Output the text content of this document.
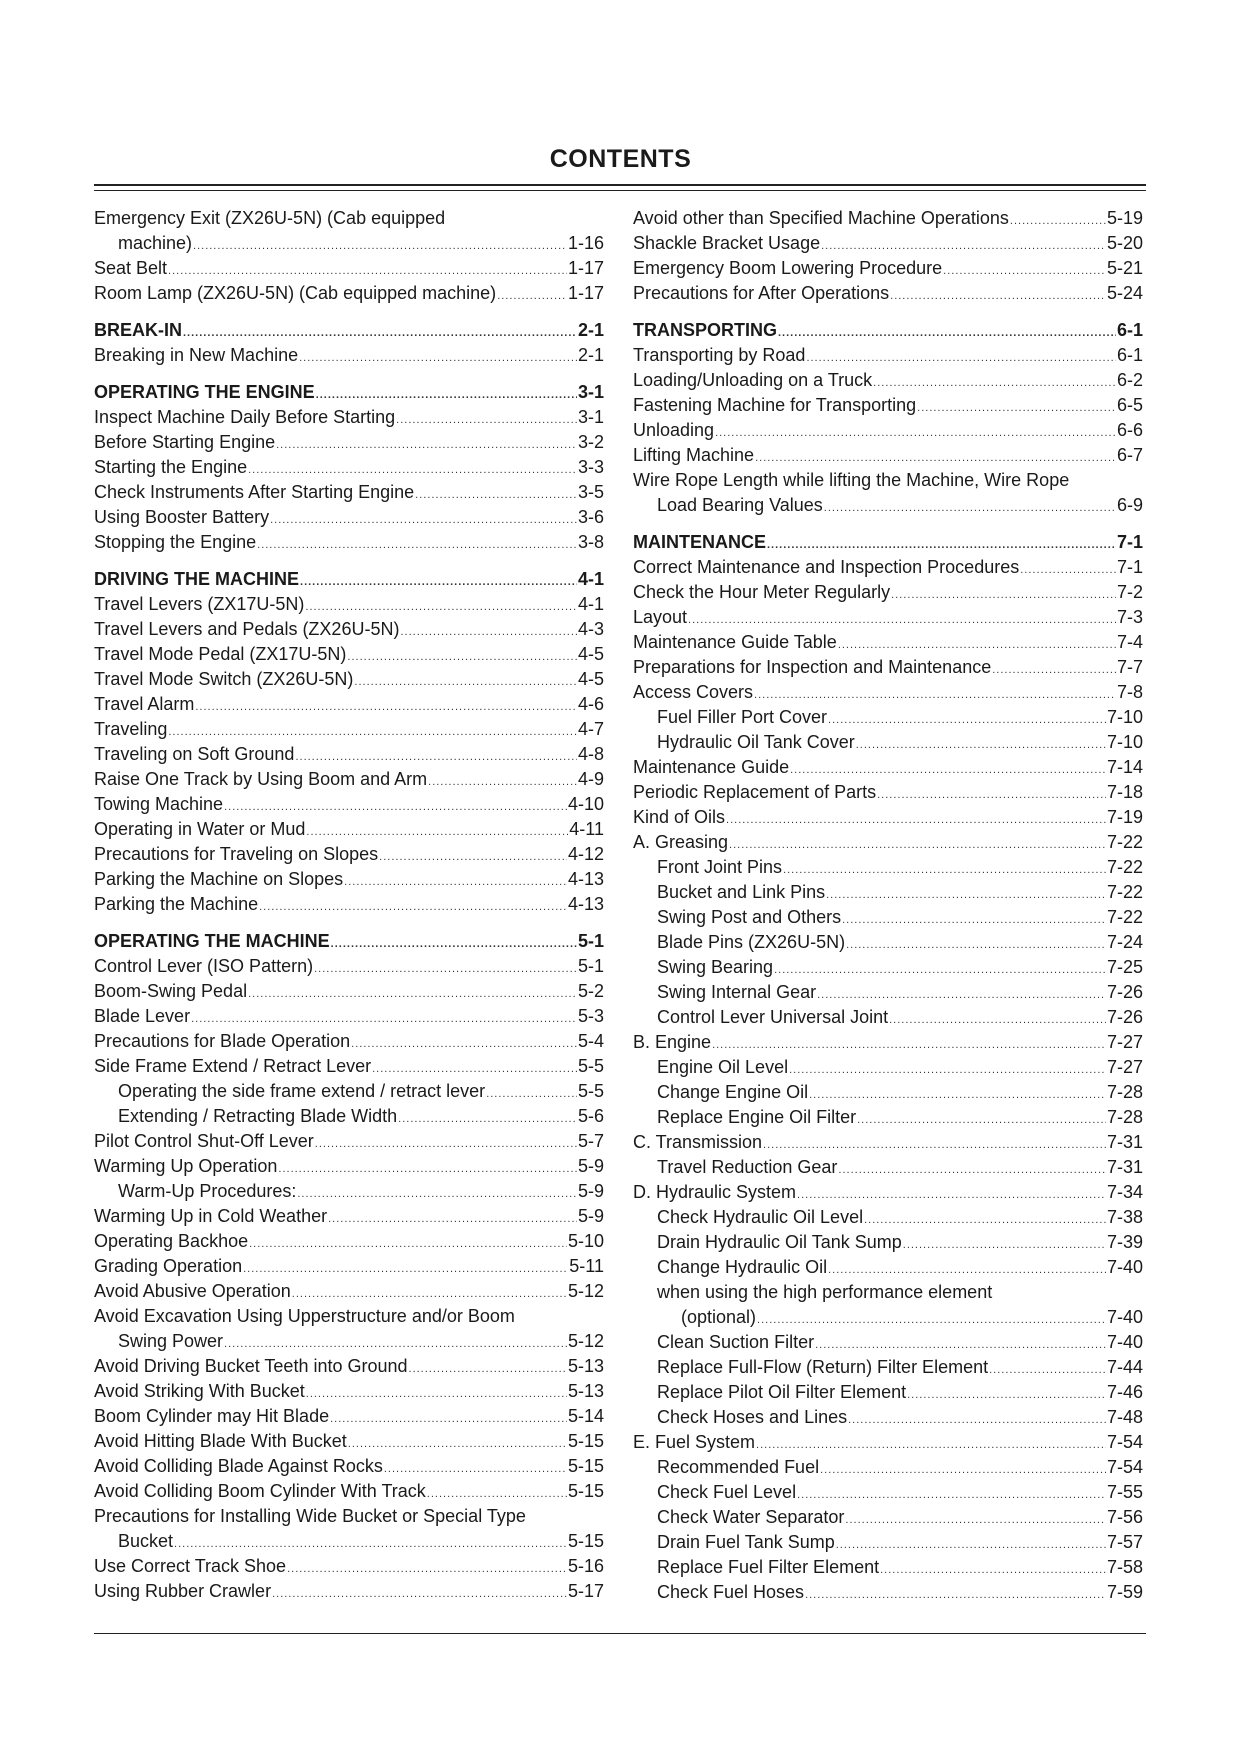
CONTENTS
Emergency Exit (ZX26U-5N) (Cab equipped
machine) .....	1-16
Seat Belt .....	1-17
Room Lamp (ZX26U-5N) (Cab equipped machine) .....	1-17
BREAK-IN .....	2-1
Breaking in New Machine .....	2-1
OPERATING THE ENGINE .....	3-1
Inspect Machine Daily Before Starting .....	3-1
Before Starting Engine .....	3-2
Starting the Engine .....	3-3
Check Instruments After Starting Engine .....	3-5
Using Booster Battery .....	3-6
Stopping the Engine .....	3-8
DRIVING THE MACHINE .....	4-1
Travel Levers (ZX17U-5N) .....	4-1
Travel Levers and Pedals (ZX26U-5N) .....	4-3
Travel Mode Pedal (ZX17U-5N) .....	4-5
Travel Mode Switch (ZX26U-5N) .....	4-5
Travel Alarm .....	4-6
Traveling .....	4-7
Traveling on Soft Ground .....	4-8
Raise One Track by Using Boom and Arm .....	4-9
Towing Machine .....	4-10
Operating in Water or Mud .....	4-11
Precautions for Traveling on Slopes .....	4-12
Parking the Machine on Slopes .....	4-13
Parking the Machine .....	4-13
OPERATING THE MACHINE .....	5-1
Control Lever (ISO Pattern) .....	5-1
Boom-Swing Pedal .....	5-2
Blade Lever .....	5-3
Precautions for Blade Operation .....	5-4
Side Frame Extend / Retract Lever .....	5-5
Operating the side frame extend / retract lever .....	5-5
Extending / Retracting Blade Width .....	5-6
Pilot Control Shut-Off Lever .....	5-7
Warming Up Operation .....	5-9
Warm-Up Procedures: .....	5-9
Warming Up in Cold Weather .....	5-9
Operating Backhoe .....	5-10
Grading Operation .....	5-11
Avoid Abusive Operation .....	5-12
Avoid Excavation Using Upperstructure and/or Boom
Swing Power .....	5-12
Avoid Driving Bucket Teeth into Ground .....	5-13
Avoid Striking With Bucket .....	5-13
Boom Cylinder may Hit Blade .....	5-14
Avoid Hitting Blade With Bucket .....	5-15
Avoid Colliding Blade Against Rocks .....	5-15
Avoid Colliding Boom Cylinder With Track .....	5-15
Precautions for Installing Wide Bucket or Special Type
Bucket .....	5-15
Use Correct Track Shoe .....	5-16
Using Rubber Crawler .....	5-17
Avoid other than Specified Machine Operations .....	5-19
Shackle Bracket Usage .....	5-20
Emergency Boom Lowering Procedure .....	5-21
Precautions for After Operations .....	5-24
TRANSPORTING .....	6-1
Transporting by Road .....	6-1
Loading/Unloading on a Truck .....	6-2
Fastening Machine for Transporting .....	6-5
Unloading .....	6-6
Lifting Machine .....	6-7
Wire Rope Length while lifting the Machine, Wire Rope
Load Bearing Values .....	6-9
MAINTENANCE .....	7-1
Correct Maintenance and Inspection Procedures .....	7-1
Check the Hour Meter Regularly .....	7-2
Layout .....	7-3
Maintenance Guide Table .....	7-4
Preparations for Inspection and Maintenance .....	7-7
Access Covers .....	7-8
Fuel Filler Port Cover .....	7-10
Hydraulic Oil Tank Cover .....	7-10
Maintenance Guide .....	7-14
Periodic Replacement of Parts .....	7-18
Kind of Oils .....	7-19
A. Greasing .....	7-22
Front Joint Pins .....	7-22
Bucket and Link Pins .....	7-22
Swing Post and Others .....	7-22
Blade Pins (ZX26U-5N) .....	7-24
Swing Bearing .....	7-25
Swing Internal Gear .....	7-26
Control Lever Universal Joint .....	7-26
B. Engine .....	7-27
Engine Oil Level .....	7-27
Change Engine Oil .....	7-28
Replace Engine Oil Filter .....	7-28
C. Transmission .....	7-31
Travel Reduction Gear .....	7-31
D. Hydraulic System .....	7-34
Check Hydraulic Oil Level .....	7-38
Drain Hydraulic Oil Tank Sump .....	7-39
Change Hydraulic Oil .....	7-40
when using the high performance element
(optional) .....	7-40
Clean Suction Filter .....	7-40
Replace Full-Flow (Return) Filter Element .....	7-44
Replace Pilot Oil Filter Element .....	7-46
Check Hoses and Lines .....	7-48
E. Fuel System .....	7-54
Recommended Fuel .....	7-54
Check Fuel Level .....	7-55
Check Water Separator .....	7-56
Drain Fuel Tank Sump .....	7-57
Replace Fuel Filter Element .....	7-58
Check Fuel Hoses .....	7-59
